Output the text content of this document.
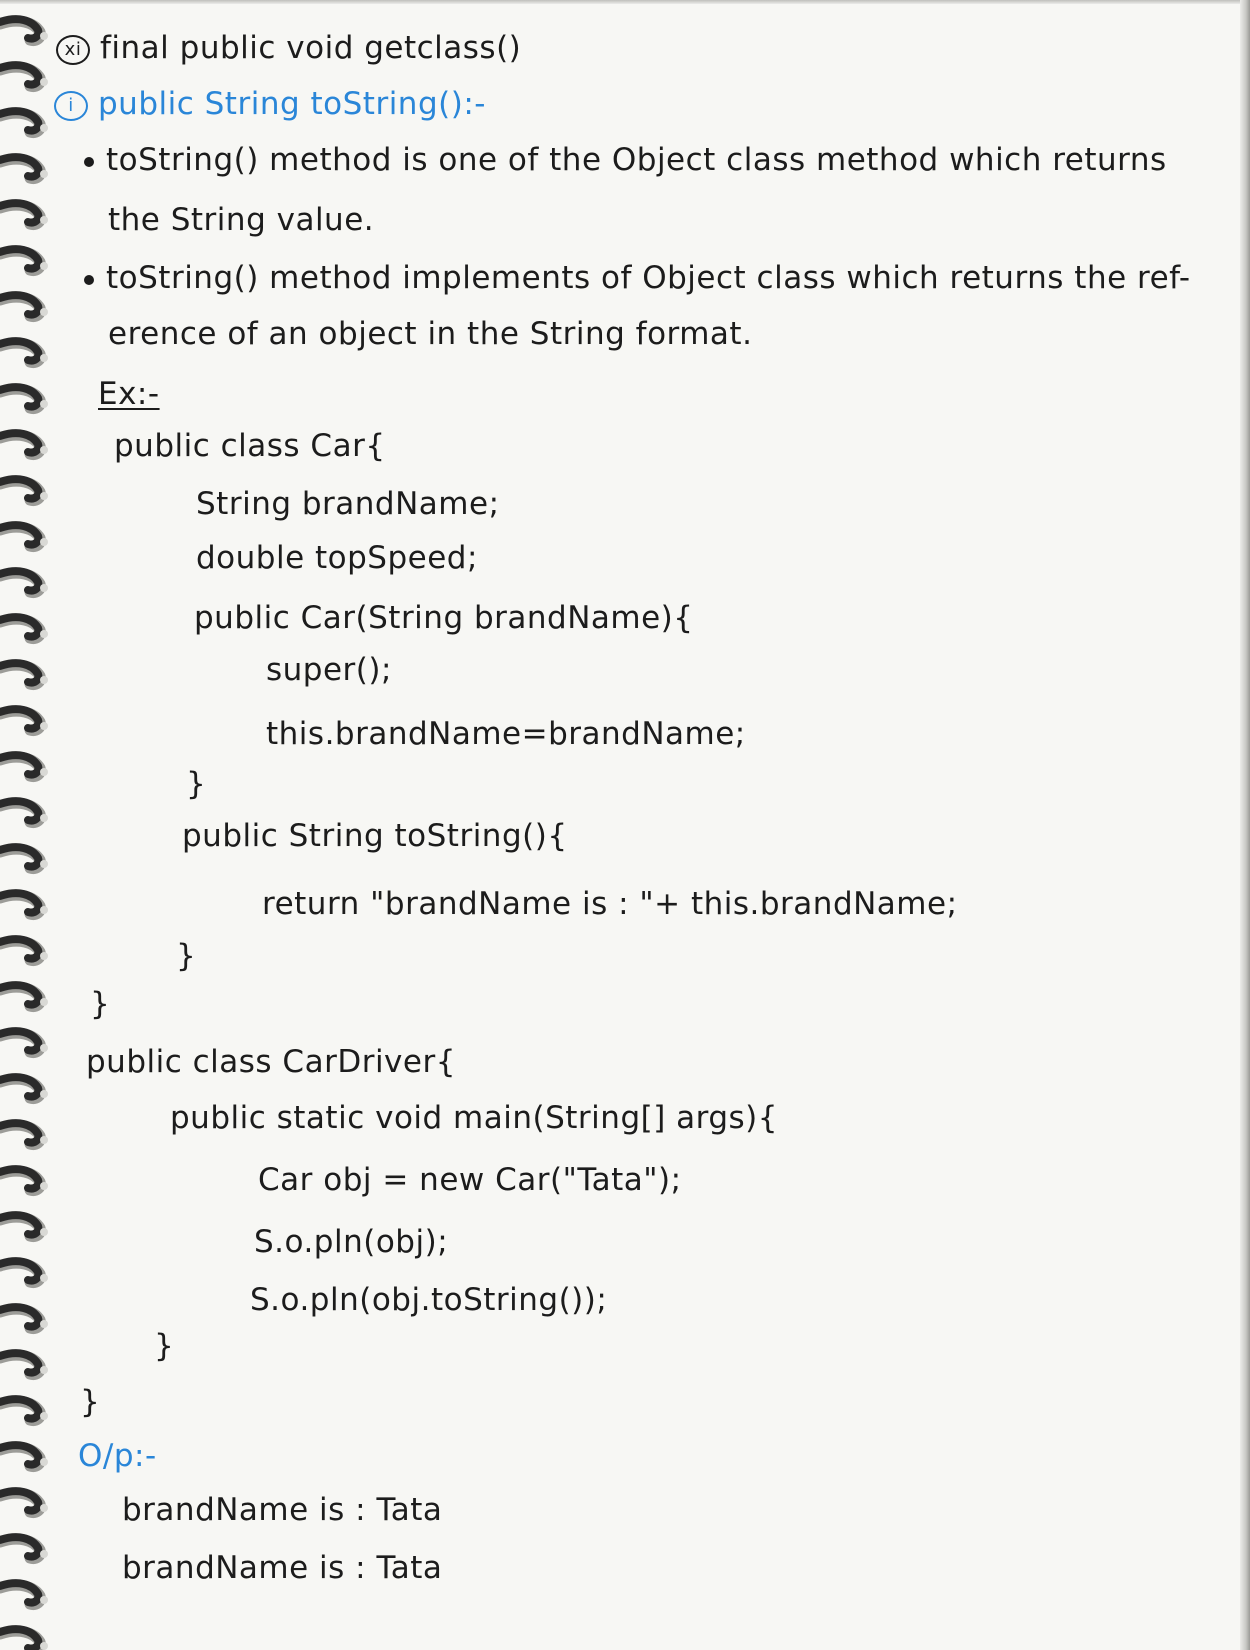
xi final public void getclass()
i public String toString():-
toString() method is one of the Object class method which returns
the String value.
toString() method implements of Object class which returns the ref-
erence of an object in the String format.
Ex:-
public class Car{
String brandName;
double topSpeed;
public Car(String brandName){
super();
this.brandName=brandName;
}
public String toString(){
return "brandName is : "+ this.brandName;
}
}
public class CarDriver{
public static void main(String[] args){
Car obj = new Car("Tata");
S.o.pln(obj);
S.o.pln(obj.toString());
}
}
O/p:-
brandName is : Tata
brandName is : Tata
